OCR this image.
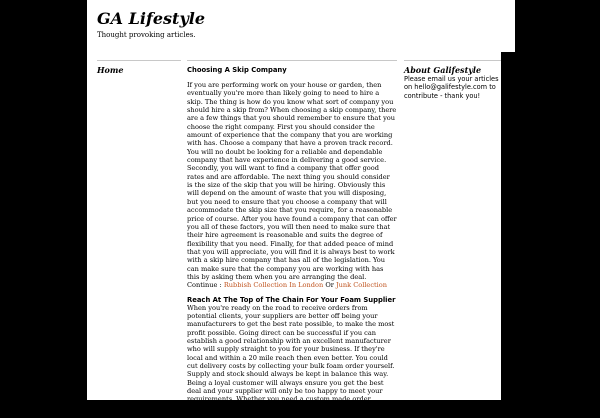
GA Lifestyle
Thought provoking articles.
Home	Choosing A Skip Company
If you are performing work on your house or garden, then eventually you're more than likely going to need to hire a skip. The thing is how do you know what sort of company you should hire a skip from? When choosing a skip company, there are a few things that you should remember to ensure that you choose the right company. First you should consider the amount of experience that the company that you are working with has. Choose a company that have a proven track record. You will no doubt be looking for a reliable and dependable company that have experience in delivering a good service. Secondly, you will want to find a company that offer good rates and are affordable. The next thing you should consider is the size of the skip that you will be hiring. Obviously this will depend on the amount of waste that you will disposing, but you need to ensure that you choose a company that will accommodate the skip size that you require, for a reasonable price of course. After you have found a company that can offer you all of these factors, you will then need to make sure that their hire agreement is reasonable and suits the degree of flexibility that you need. Finally, for that added peace of mind that you will appreciate, you will find it is always best to work with a skip hire company that has all of the legislation. You can make sure that the company you are working with has this by asking them when you are arranging the deal. Continue : Rubbish Collection In London Or Junk Collection
Reach At The Top of The Chain For Your Foam Supplier
When you're ready on the road to receive orders from potential clients, your suppliers are better off being your manufacturers to get the best rate possible, to make the most profit possible. Going direct can be successful if you can establish a good relationship with an excellent manufacturer who will supply straight to you for your business. If they're local and within a 20 mile reach then even better. You could cut delivery costs by collecting your bulk foam order yourself. Supply and stock should always be kept in balance this way. Being a loyal customer will always ensure you get the best deal and your supplier will only be too happy to meet your requirements. Whether you need a custom made order regularly or a specific
About Galifestyle
Please email us your articles on hello@galifestyle.com to contribute - thank you!
